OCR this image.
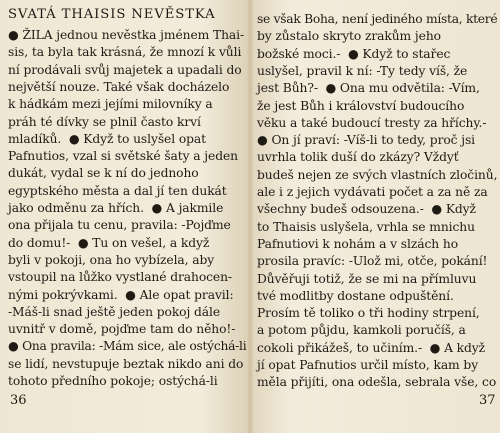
SVATÁ THAISIS NEVĚSTKA
● ŽILA jednou nevěstka jménem Thai-
sis, ta byla tak krásná, že mnozí k vůli
ní prodávali svůj majetek a upadali do
největší nouze. Také však docházelo
k hádkám mezi jejími milovníky a
práh té dívky se plnil často krví
mladíků.  ● Když to uslyšel opat
Pafnutios, vzal si světské šaty a jeden
dukát, vydal se k ní do jednoho
egyptského města a dal jí ten dukát
jako odměnu za hřích.  ● A jakmile
ona přijala tu cenu, pravila: -Pojďme
do domu!-  ● Tu on vešel, a když
byli v pokoji, ona ho vybízela, aby
vstoupil na lůžko vystlané drahocen-
nými pokrývkami.  ● Ale opat pravil:
-Máš-li snad ještě jeden pokoj dále
uvnitř v domě, pojďme tam do něho!-
● Ona pravila: -Mám sice, ale ostýchá-li
se lidí, nevstupuje beztak nikdo ani do
tohoto předního pokoje; ostýchá-li
36
se však Boha, není jediného místa, které
by zůstalo skryto zrakům jeho
božské moci.-  ● Když to stařec
uslyšel, pravil k ní: -Ty tedy víš, že
jest Bůh?-  ● Ona mu odvětila: -Vím,
že jest Bůh i království budoucího
věku a také budoucí tresty za hříchy.-
● On jí praví: -Víš-li to tedy, proč jsi
uvrhla tolik duší do zkázy? Vždyť
budeš nejen ze svých vlastních zločinů,
ale i z jejich vydávati počet a za ně za
všechny budeš odsouzena.-  ● Když
to Thaisis uslyšela, vrhla se mnichu
Pafnutiovi k nohám a v slzách ho
prosila pravíc: -Ulož mi, otče, pokání!
Důvěřuji totiž, že se mi na přímluvu
tvé modlitby dostane odpuštění.
Prosím tě toliko o tři hodiny strpení,
a potom půjdu, kamkoli poručíš, a
cokoli přikážeš, to učiním.-  ● A když
jí opat Pafnutios určil místo, kam by
měla přijíti, ona odešla, sebrala vše, co
37
